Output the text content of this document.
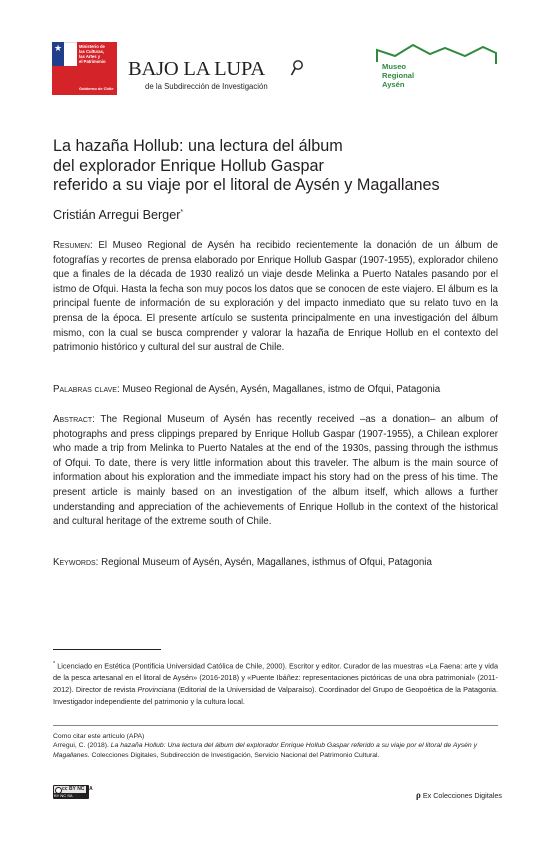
★	Ministerio de
las Culturas,
las Artes y
el Patrimonio
Gobierno de Chile
BAJO LA LUPA
de la Subdirección de Investigación
Museo
Regional
Aysén
La hazaña Hollub: una lectura del álbum
del explorador Enrique Hollub Gaspar
referido a su viaje por el litoral de Aysén y Magallanes
Cristián Arregui Berger*
Resumen: El Museo Regional de Aysén ha recibido recientemente la donación de un álbum de fotografías y recortes de prensa elaborado por Enrique Hollub Gaspar (1907-1955), explorador chileno que a finales de la década de 1930 realizó un viaje desde Melinka a Puerto Natales pasando por el istmo de Ofqui. Hasta la fecha son muy pocos los datos que se conocen de este viajero. El álbum es la principal fuente de información de su exploración y del impacto inmediato que su relato tuvo en la prensa de la época. El presente artículo se sustenta principalmente en una investigación del álbum mismo, con la cual se busca comprender y valorar la hazaña de Enrique Hollub en el contexto del patrimonio histórico y cultural del sur austral de Chile.
Palabras clave: Museo Regional de Aysén, Aysén, Magallanes, istmo de Ofqui, Patagonia
Abstract: The Regional Museum of Aysén has recently received –as a donation– an album of photographs and press clippings prepared by Enrique Hollub Gaspar (1907-1955), a Chilean explorer who made a trip from Melinka to Puerto Natales at the end of the 1930s, passing through the isthmus of Ofqui. To date, there is very little information about this traveler. The album is the main source of information about his exploration and the immediate impact his story had on the press of his time. The present article is mainly based on an investigation of the album itself, which allows a further understanding and appreciation of the achievements of Enrique Hollub in the context of the historical and cultural heritage of the extreme south of Chile.
Keywords: Regional Museum of Aysén, Aysén, Magallanes, isthmus of Ofqui, Patagonia
* Licenciado en Estética (Pontificia Universidad Católica de Chile, 2000). Escritor y editor. Curador de las muestras «La Faena: arte y vida de la pesca artesanal en el litoral de Aysén» (2016-2018) y «Puente Ibáñez: representaciones pictóricas de una obra patrimonial» (2011-2012). Director de revista Provinciana (Editorial de la Universidad de Valparaíso). Coordinador del Grupo de Geopoética de la Patagonia. Investigador independiente del patrimonio y la cultura local.
Como citar este artículo (APA)
Arregui, C. (2018). La hazaña Hollub: Una lectura del álbum del explorador Enrique Hollub Gaspar referido a su viaje por el litoral de Aysén y Magallanes. Colecciones Digitales, Subdirección de Investigación, Servicio Nacional del Patrimonio Cultural.
cc BY NC SA
BY NC SA	ρ Ex Colecciones Digitales
